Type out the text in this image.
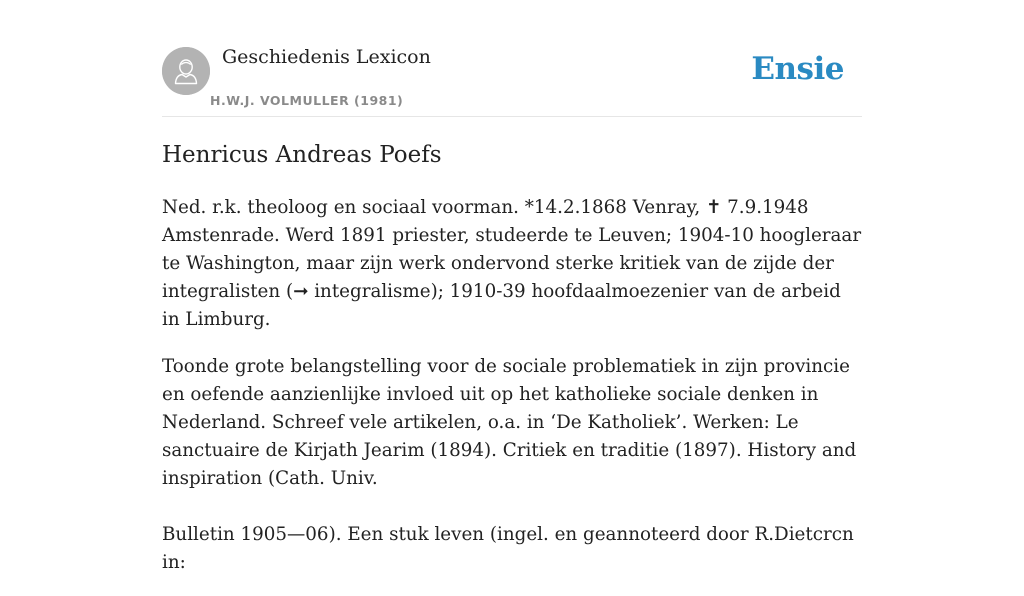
Geschiedenis Lexicon
H.W.J. VOLMULLER (1981)
Ensie
Henricus Andreas Poefs

Ned. r.k. theoloog en sociaal voorman. *14.2.1868 Venray, ✝ 7.9.1948 Amstenrade. Werd 1891 priester, studeerde te Leuven; 1904-10 hoogleraar te Washington, maar zijn werk ondervond sterke kritiek van de zijde der integralisten (➞ integralisme); 1910-39 hoofdaalmoezenier van de arbeid in Limburg.

Toonde grote belangstelling voor de sociale problematiek in zijn provincie en oefende aanzienlijke invloed uit op het katholieke sociale denken in Nederland. Schreef vele artikelen, o.a. in ‘De Katholiek’. Werken: Le sanctuaire de Kirjath Jearim (1894). Critiek en traditie (1897). History and inspiration (Cath. Univ.

Bulletin 1905—06). Een stuk leven (ingel. en geannoteerd door R.Dietcrcn in:
